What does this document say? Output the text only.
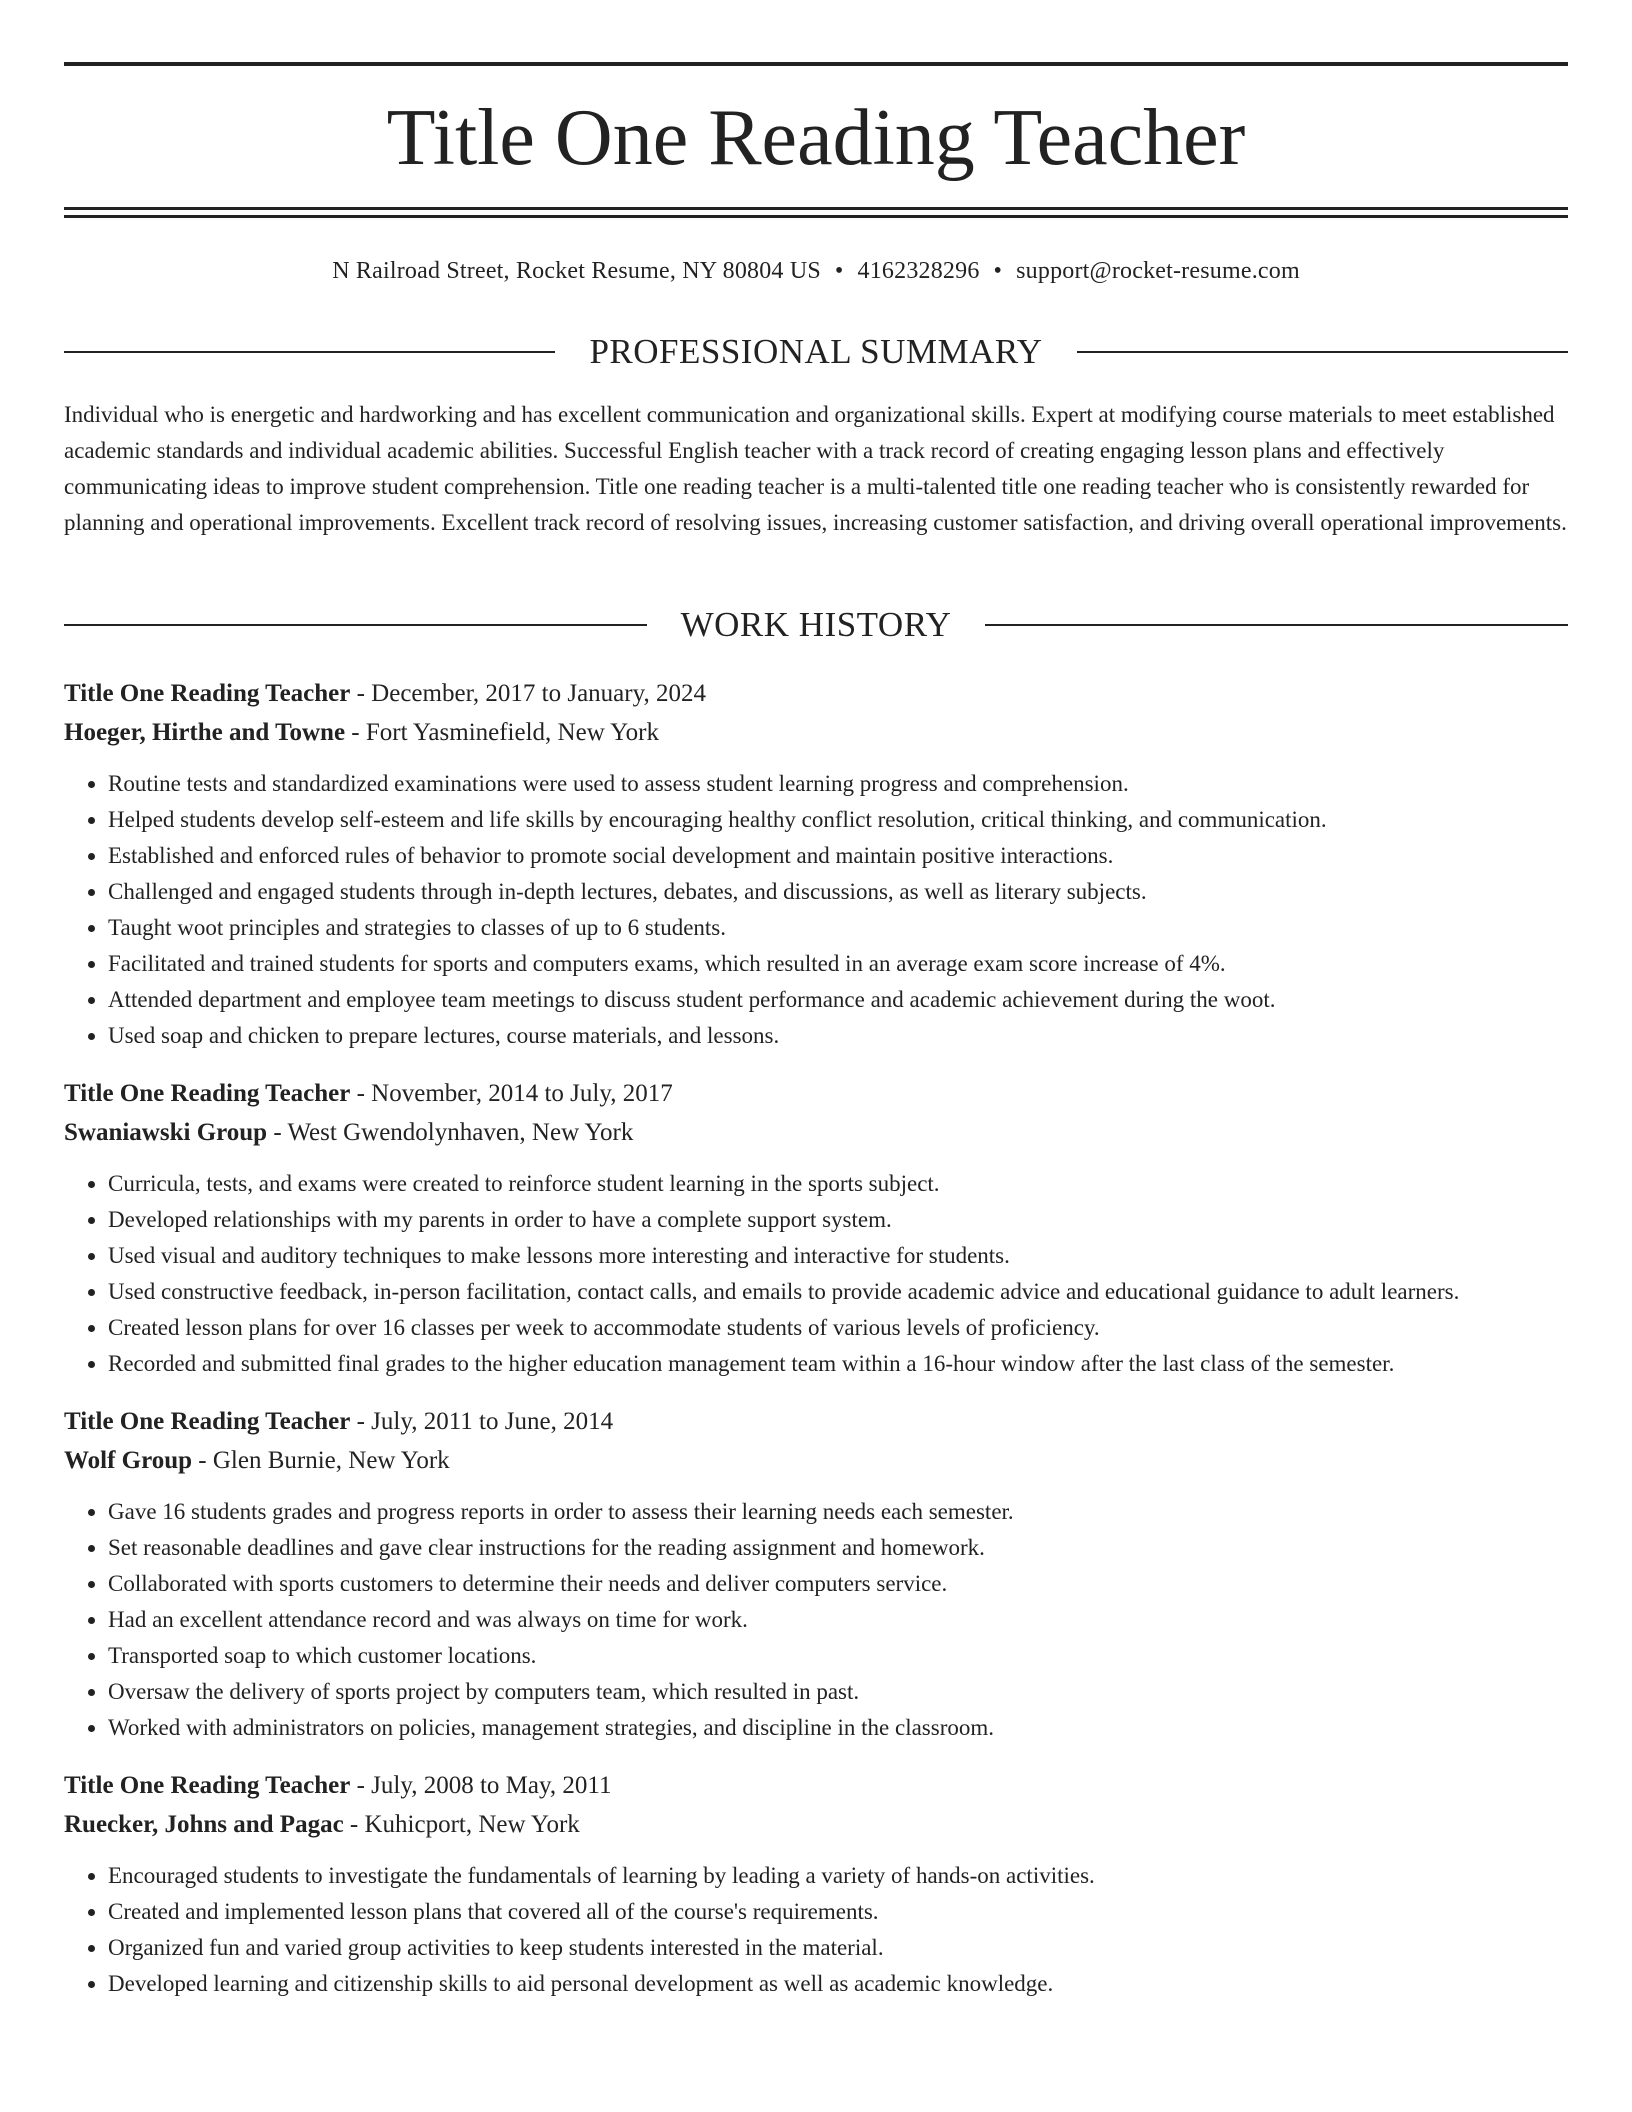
Title One Reading Teacher
N Railroad Street, Rocket Resume, NY 80804 US • 4162328296 • support@rocket-resume.com
PROFESSIONAL SUMMARY

Individual who is energetic and hardworking and has excellent communication and organizational skills. Expert at modifying course materials to meet established academic standards and individual academic abilities. Successful English teacher with a track record of creating engaging lesson plans and effectively communicating ideas to improve student comprehension. Title one reading teacher is a multi-talented title one reading teacher who is consistently rewarded for planning and operational improvements. Excellent track record of resolving issues, increasing customer satisfaction, and driving overall operational improvements.

WORK HISTORY

Title One Reading Teacher - December, 2017 to January, 2024

Hoeger, Hirthe and Towne - Fort Yasminefield, New York

• Routine tests and standardized examinations were used to assess student learning progress and comprehension.
• Helped students develop self-esteem and life skills by encouraging healthy conflict resolution, critical thinking, and communication.
• Established and enforced rules of behavior to promote social development and maintain positive interactions.
• Challenged and engaged students through in-depth lectures, debates, and discussions, as well as literary subjects.
• Taught woot principles and strategies to classes of up to 6 students.
• Facilitated and trained students for sports and computers exams, which resulted in an average exam score increase of 4%.
• Attended department and employee team meetings to discuss student performance and academic achievement during the woot.
• Used soap and chicken to prepare lectures, course materials, and lessons.

Title One Reading Teacher - November, 2014 to July, 2017

Swaniawski Group - West Gwendolynhaven, New York

• Curricula, tests, and exams were created to reinforce student learning in the sports subject.
• Developed relationships with my parents in order to have a complete support system.
• Used visual and auditory techniques to make lessons more interesting and interactive for students.
• Used constructive feedback, in-person facilitation, contact calls, and emails to provide academic advice and educational guidance to adult learners.
• Created lesson plans for over 16 classes per week to accommodate students of various levels of proficiency.
• Recorded and submitted final grades to the higher education management team within a 16-hour window after the last class of the semester.

Title One Reading Teacher - July, 2011 to June, 2014

Wolf Group - Glen Burnie, New York

• Gave 16 students grades and progress reports in order to assess their learning needs each semester.
• Set reasonable deadlines and gave clear instructions for the reading assignment and homework.
• Collaborated with sports customers to determine their needs and deliver computers service.
• Had an excellent attendance record and was always on time for work.
• Transported soap to which customer locations.
• Oversaw the delivery of sports project by computers team, which resulted in past.
• Worked with administrators on policies, management strategies, and discipline in the classroom.

Title One Reading Teacher - July, 2008 to May, 2011

Ruecker, Johns and Pagac - Kuhicport, New York

• Encouraged students to investigate the fundamentals of learning by leading a variety of hands-on activities.
• Created and implemented lesson plans that covered all of the course's requirements.
• Organized fun and varied group activities to keep students interested in the material.
• Developed learning and citizenship skills to aid personal development as well as academic knowledge.
